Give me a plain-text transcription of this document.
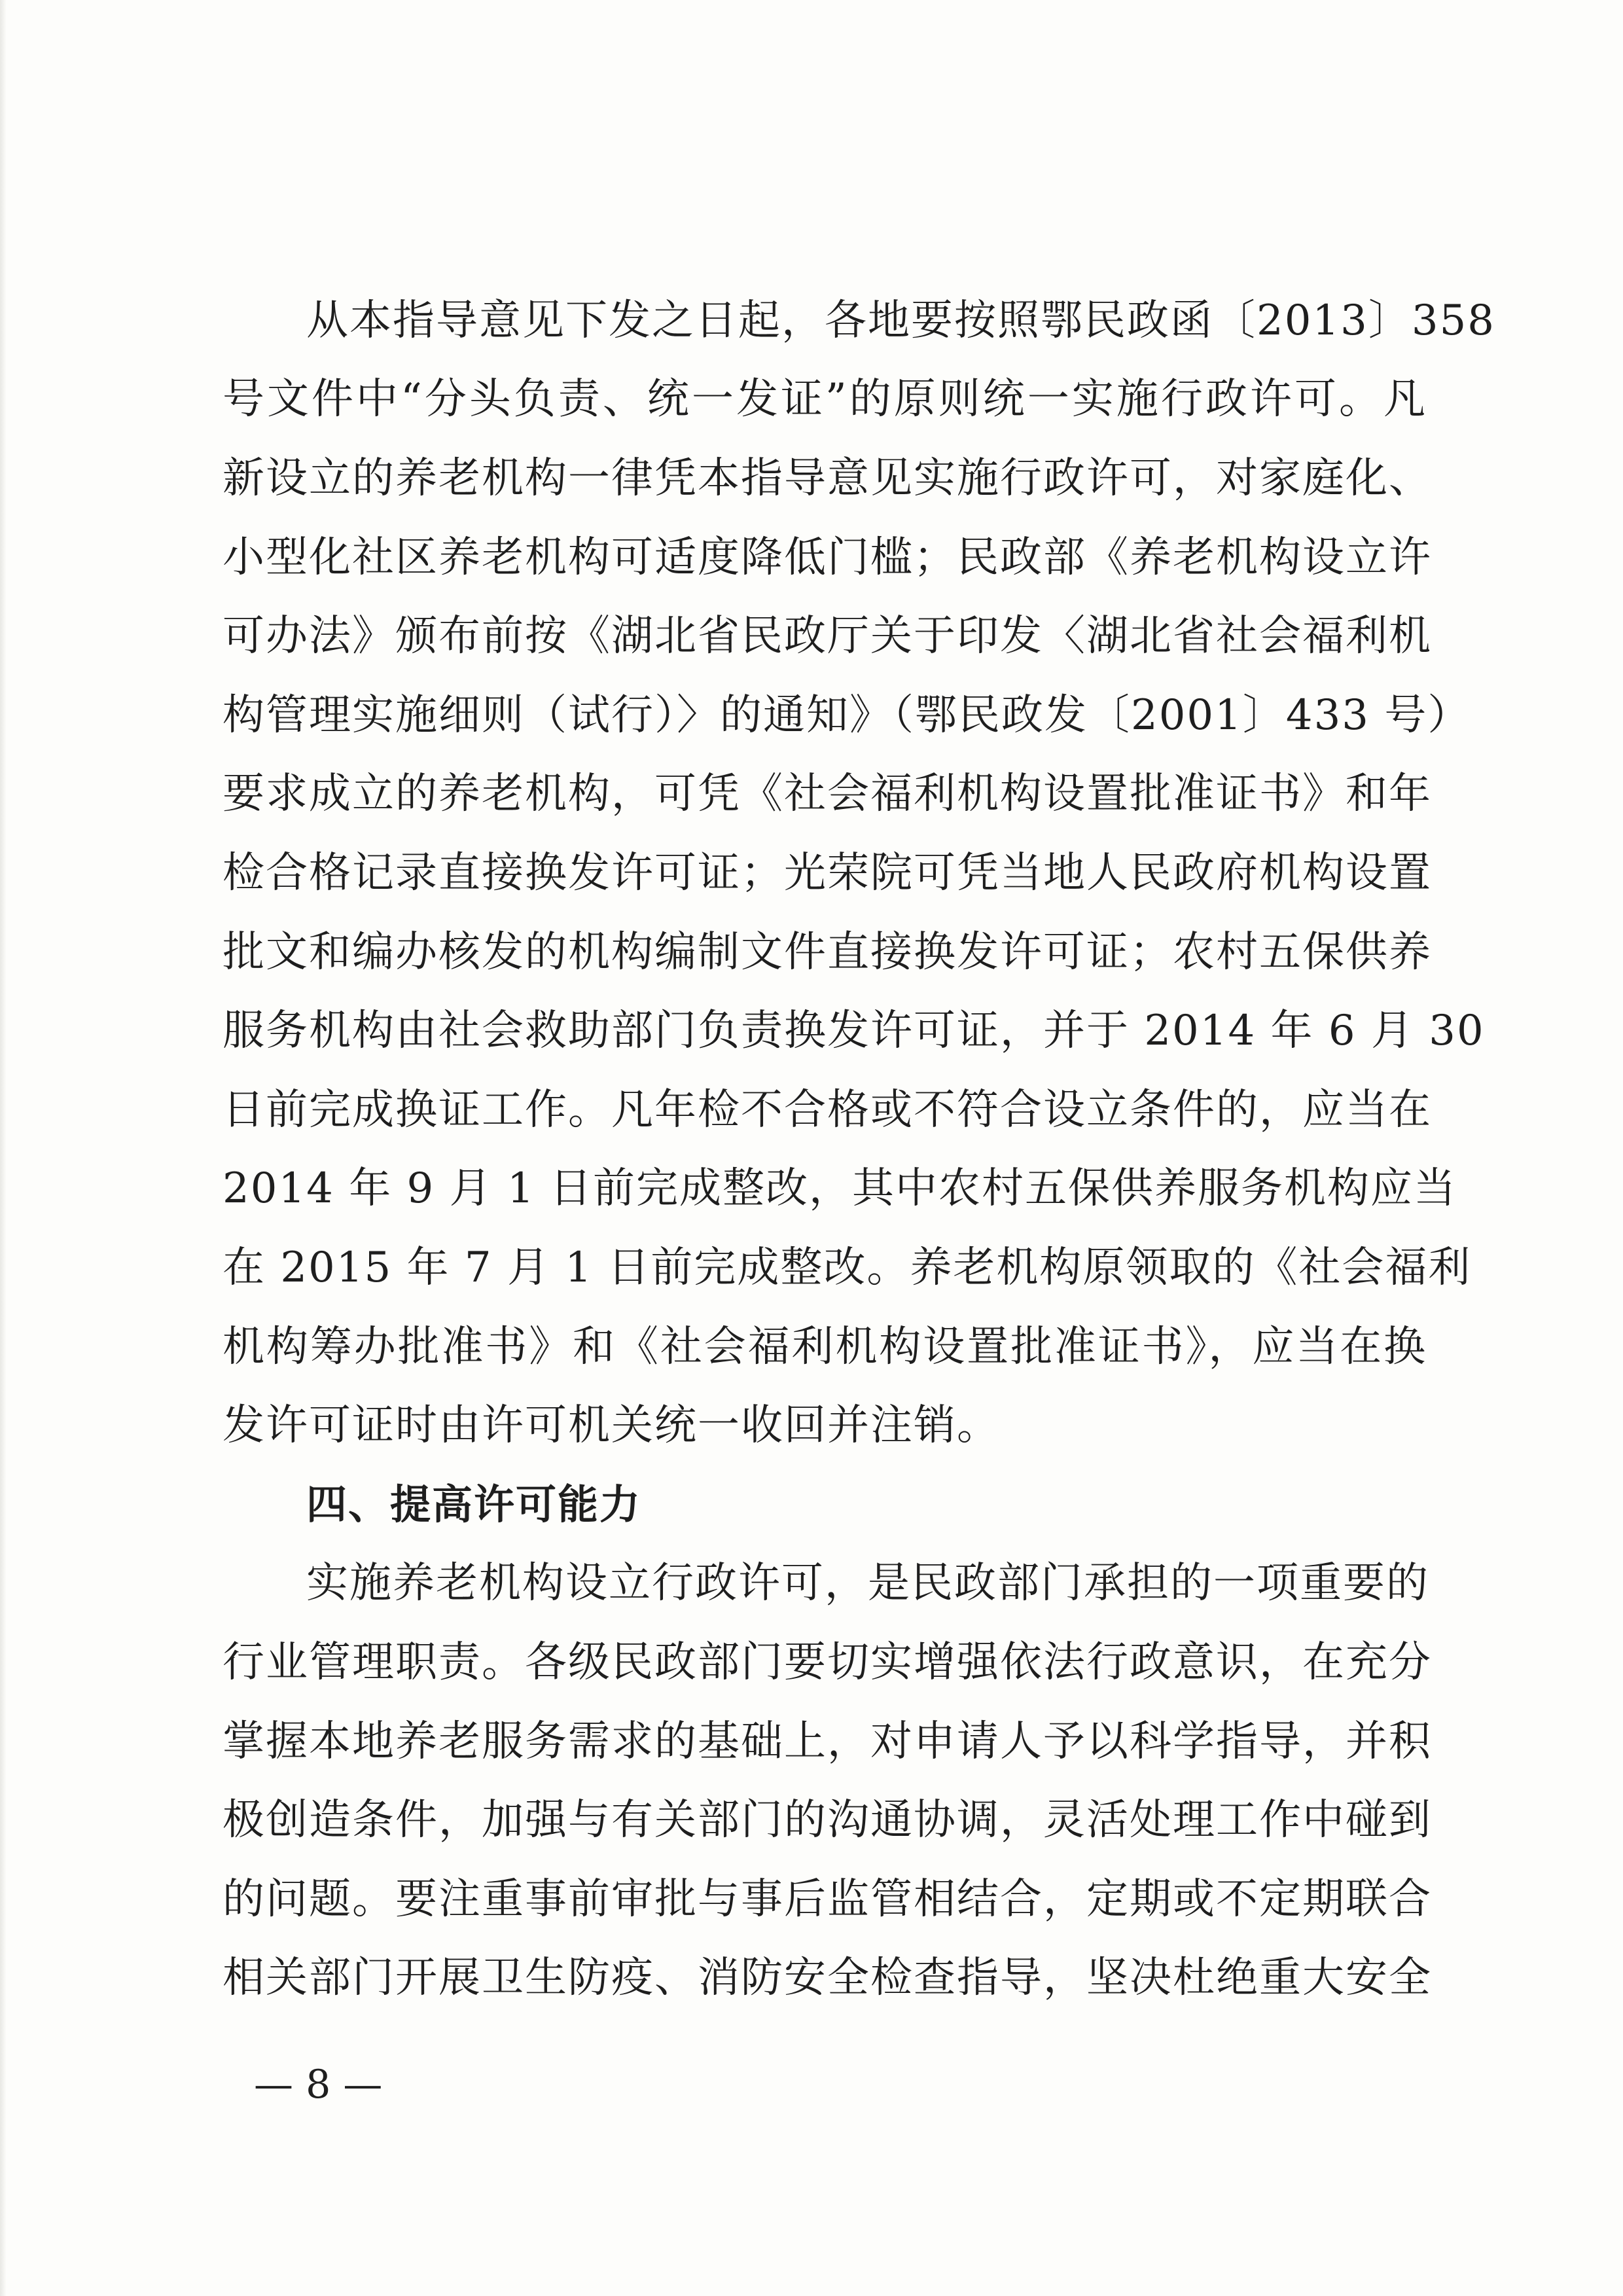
从本指导意见下发之日起，各地要按照鄂民政函〔2013〕358
号文件中“分头负责、统一发证”的原则统一实施行政许可。凡
新设立的养老机构一律凭本指导意见实施行政许可，对家庭化、
小型化社区养老机构可适度降低门槛；民政部《养老机构设立许
可办法》颁布前按《湖北省民政厅关于印发〈湖北省社会福利机
构管理实施细则（试行）〉的通知》（鄂民政发〔2001〕433 号）
要求成立的养老机构，可凭《社会福利机构设置批准证书》和年
检合格记录直接换发许可证；光荣院可凭当地人民政府机构设置
批文和编办核发的机构编制文件直接换发许可证；农村五保供养
服务机构由社会救助部门负责换发许可证，并于 2014 年 6 月 30
日前完成换证工作。凡年检不合格或不符合设立条件的，应当在
2014 年 9 月 1 日前完成整改，其中农村五保供养服务机构应当
在 2015 年 7 月 1 日前完成整改。养老机构原领取的《社会福利
机构筹办批准书》和《社会福利机构设置批准证书》，应当在换
发许可证时由许可机关统一收回并注销。
四、提高许可能力
实施养老机构设立行政许可，是民政部门承担的一项重要的
行业管理职责。各级民政部门要切实增强依法行政意识，在充分
掌握本地养老服务需求的基础上，对申请人予以科学指导，并积
极创造条件，加强与有关部门的沟通协调，灵活处理工作中碰到
的问题。要注重事前审批与事后监管相结合，定期或不定期联合
相关部门开展卫生防疫、消防安全检查指导，坚决杜绝重大安全
— 8 —
